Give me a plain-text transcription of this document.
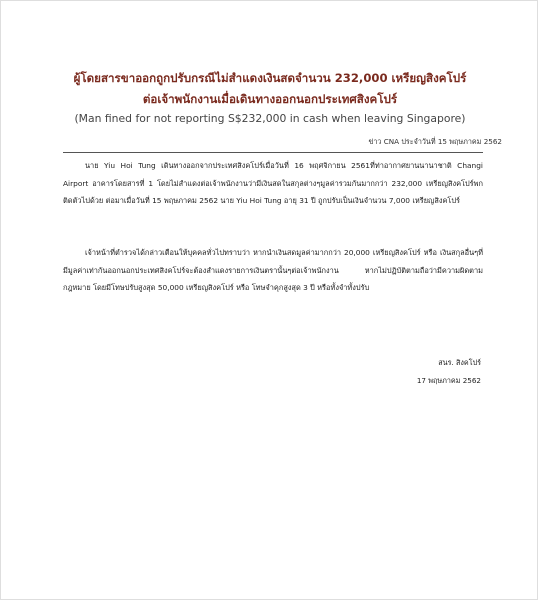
ผู้โดยสารขาออกถูกปรับกรณีไม่สำแดงเงินสดจำนวน 232,000 เหรียญสิงคโปร์
ต่อเจ้าพนักงานเมื่อเดินทางออกนอกประเทศสิงคโปร์
(Man fined for not reporting S$232,000 in cash when leaving Singapore)
ข่าว CNA ประจำวันที่ 15 พฤษภาคม 2562

นาย Yiu Hoi Tung เดินทางออกจากประเทศสิงคโปร์เมื่อวันที่ 16 พฤศจิกายน 2561ที่ท่าอากาศยานนานาชาติ Changi Airport อาคารโดยสารที่ 1 โดยไม่สำแดงต่อเจ้าพนักงานว่ามีเงินสดในสกุลต่างๆมูลค่ารวมกันมากกว่า 232,000 เหรียญสิงคโปร์พกติดตัวไปด้วย ต่อมาเมื่อวันที่ 15 พฤษภาคม 2562 นาย Yiu Hoi Tung อายุ 31 ปี ถูกปรับเป็นเงินจำนวน 7,000 เหรียญสิงคโปร์

เจ้าหน้าที่ตำรวจได้กล่าวเตือนให้บุคคลทั่วไปทราบว่า หากนำเงินสดมูลค่ามากกว่า 20,000 เหรียญสิงคโปร์ หรือ เงินสกุลอื่นๆที่มีมูลค่าเท่ากันออกนอกประเทศสิงคโปร์จะต้องสำแดงรายการเงินตรานั้นๆต่อเจ้าพนักงาน หากไม่ปฏิบัติตามถือว่ามีความผิดตามกฎหมาย โดยมีโทษปรับสูงสุด 50,000 เหรียญสิงคโปร์ หรือ โทษจำคุกสูงสุด 3 ปี หรือทั้งจำทั้งปรับ

สนร. สิงคโปร์
17 พฤษภาคม 2562
